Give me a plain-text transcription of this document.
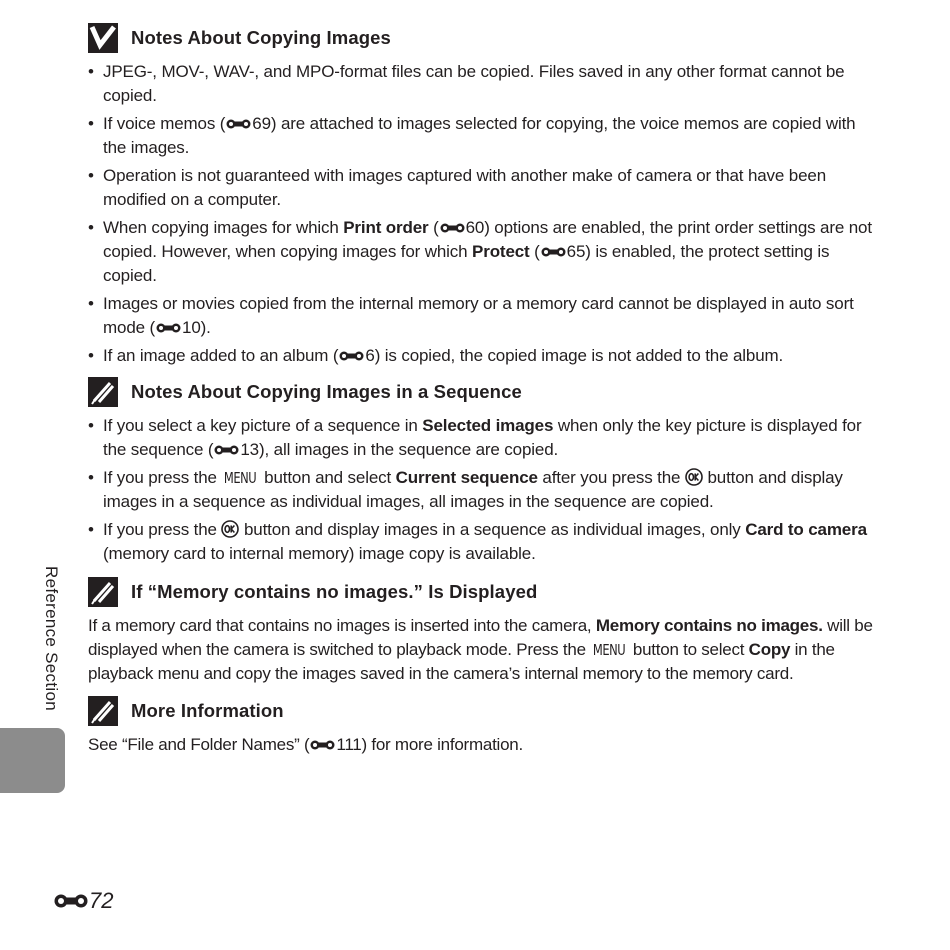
Notes About Copying Images
• JPEG-, MOV-, WAV-, and MPO-format files can be copied. Files saved in any other format cannot be copied.
• If voice memos ( 69) are attached to images selected for copying, the voice memos are copied with the images.
• Operation is not guaranteed with images captured with another make of camera or that have been modified on a computer.
• When copying images for which Print order ( 60) options are enabled, the print order settings are not copied. However, when copying images for which Protect ( 65) is enabled, the protect setting is copied.
• Images or movies copied from the internal memory or a memory card cannot be displayed in auto sort mode ( 10).
• If an image added to an album ( 6) is copied, the copied image is not added to the album.
Notes About Copying Images in a Sequence
• If you select a key picture of a sequence in Selected images when only the key picture is displayed for the sequence ( 13), all images in the sequence are copied.
• If you press the MENU button and select Current sequence after you press the
button and display images in a sequence as individual images, all images in the sequence are copied.
• If you press the
button and display images in a sequence as individual images, only Card to camera (memory card to internal memory) image copy is available.
If “Memory contains no images.” Is Displayed

If a memory card that contains no images is inserted into the camera, Memory contains no images. will be displayed when the camera is switched to playback mode. Press the MENU button to select Copy in the playback menu and copy the images saved in the camera’s internal memory to the memory card.

More Information

See “File and Folder Names” ( 111) for more information.

Reference Section
72
